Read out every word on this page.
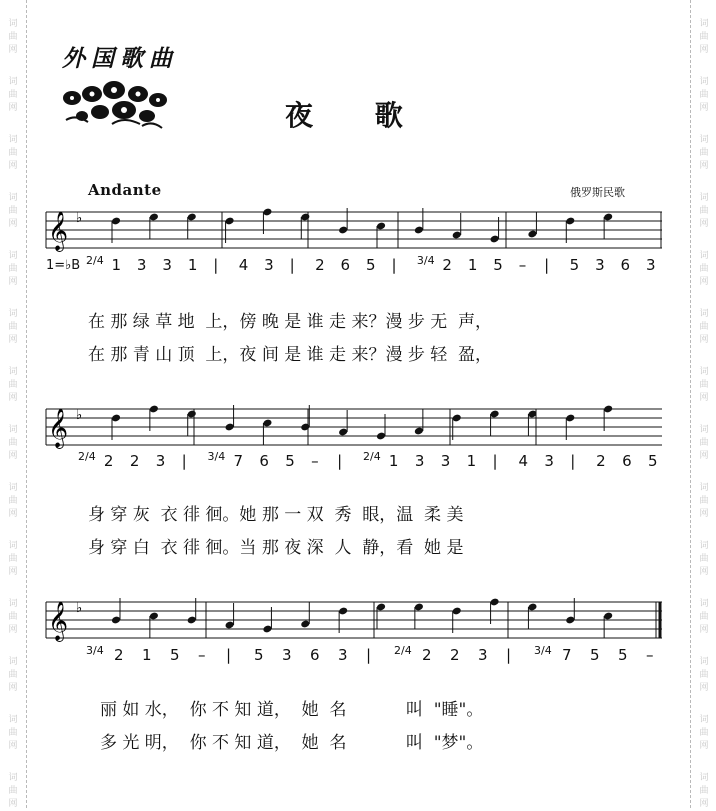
词
曲
网
词
曲
网
词
曲
网
词
曲
网
词
曲
网
词
曲
网
词
曲
网
词
曲
网
词
曲
网
词
曲
网
词
曲
网
词
曲
网
词
曲
网
词
曲
网
词
曲
网
词
曲
网
词
曲
网
词
曲
网
词
曲
网
词
曲
网
词
曲
网
词
曲
网
词
曲
网
词
曲
网
词
曲
网
词
曲
网
词
曲
网
词
曲
网
外国歌曲
夜 歌
Andante	俄罗斯民歌
𝄞 ♭
1=♭B 2/4 1 3 3 1 | 4 3 | 2 6 5 | 3/4 2 1 5 – | 5 3 6 3
在 那 绿 草 地  上，傍 晚 是 谁 走 来？漫 步 无  声，
在 那 青 山 顶  上，夜 间 是 谁 走 来？漫 步 轻  盈，
𝄞 ♭
2/4 2 2 3 | 3/4 7 6 5 – | 2/4 1 3 3 1 | 4 3 | 2 6 5
身 穿 灰  衣 徘 徊。她 那 一 双  秀  眼，温  柔 美
身 穿 白  衣 徘 徊。当 那 夜 深  人  静，看  她 是
𝄞 ♭
3/4 2 1 5 – | 5 3 6 3 | 2/4 2 2 3 | 3/4 7 5 5 –
丽 如 水，  你 不 知 道，  她  名           叫  "睡"。
多 光 明，  你 不 知 道，  她  名           叫  "梦"。
